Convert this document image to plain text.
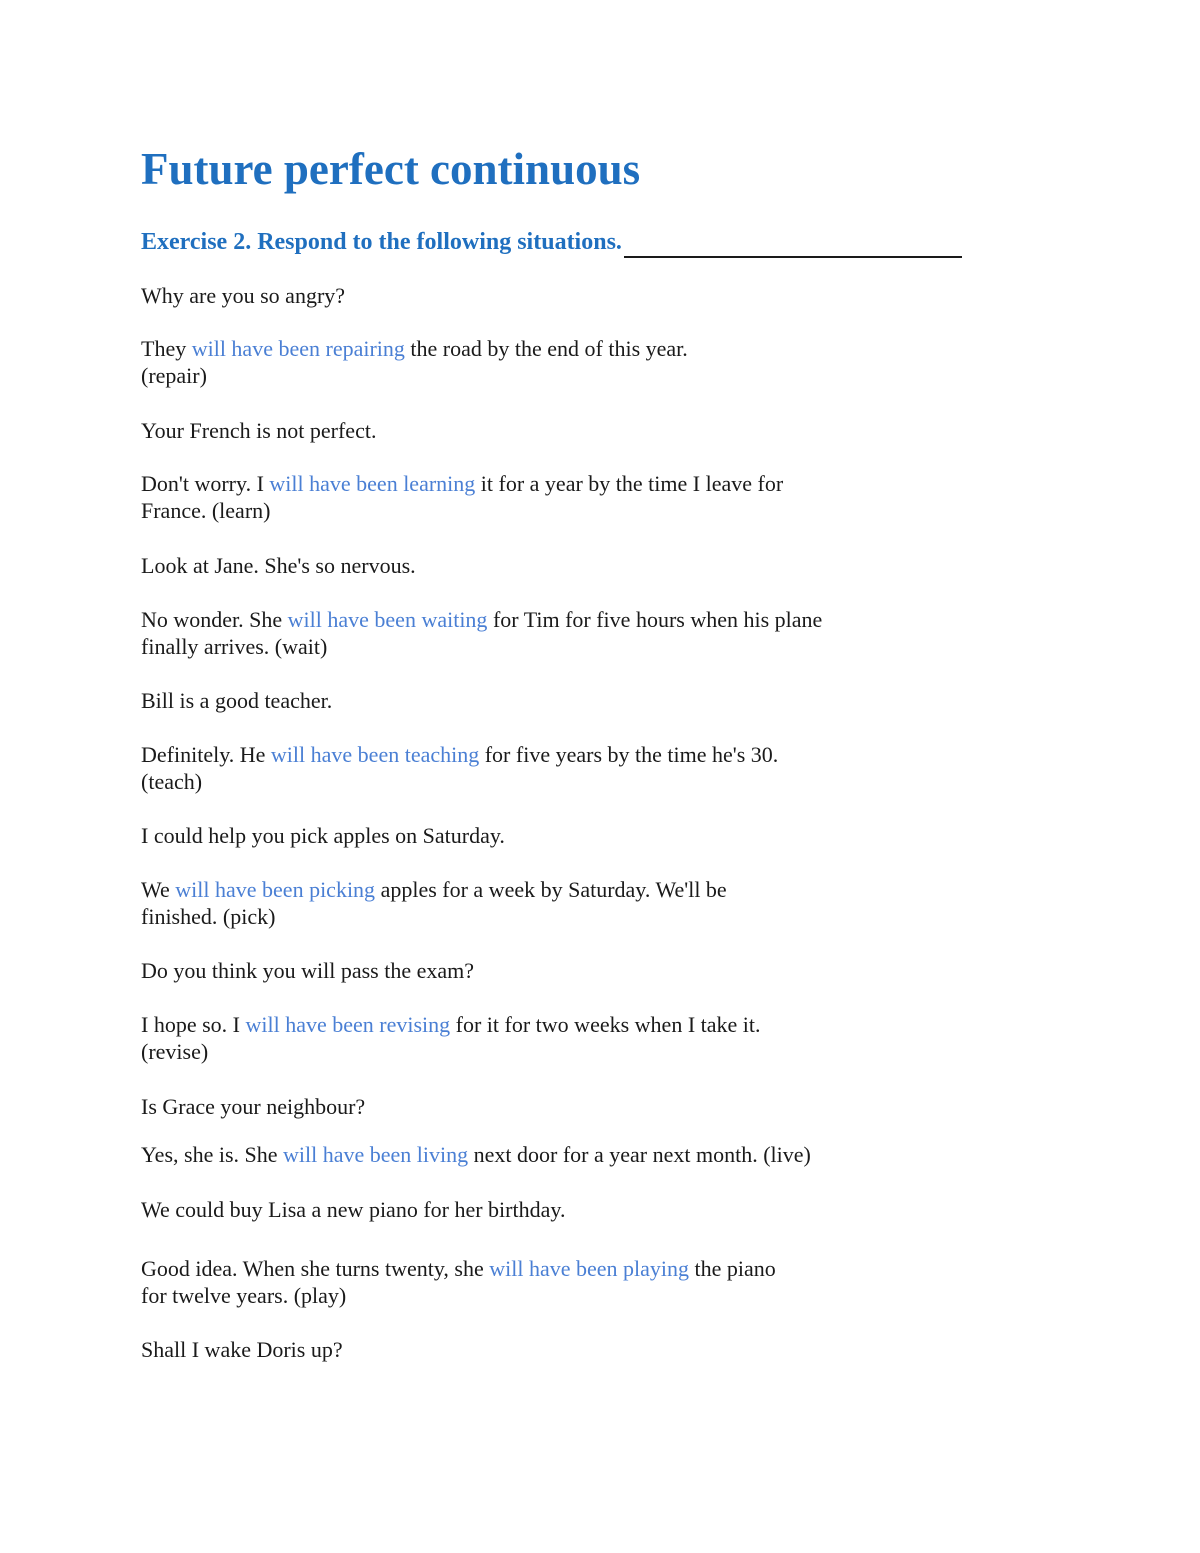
Future perfect continuous
Exercise 2. Respond to the following situations.
Why are you so angry?
They will have been repairing the road by the end of this year.
(repair)
Your French is not perfect.
Don't worry. I will have been learning it for a year by the time I leave for
France. (learn)
Look at Jane. She's so nervous.
No wonder. She will have been waiting for Tim for five hours when his plane
finally arrives. (wait)
Bill is a good teacher.
Definitely. He will have been teaching for five years by the time he's 30.
(teach)
I could help you pick apples on Saturday.
We will have been picking apples for a week by Saturday. We'll be
finished. (pick)
Do you think you will pass the exam?
I hope so. I will have been revising for it for two weeks when I take it.
(revise)
Is Grace your neighbour?
Yes, she is. She will have been living next door for a year next month. (live)
We could buy Lisa a new piano for her birthday.
Good idea. When she turns twenty, she will have been playing the piano
for twelve years. (play)
Shall I wake Doris up?
